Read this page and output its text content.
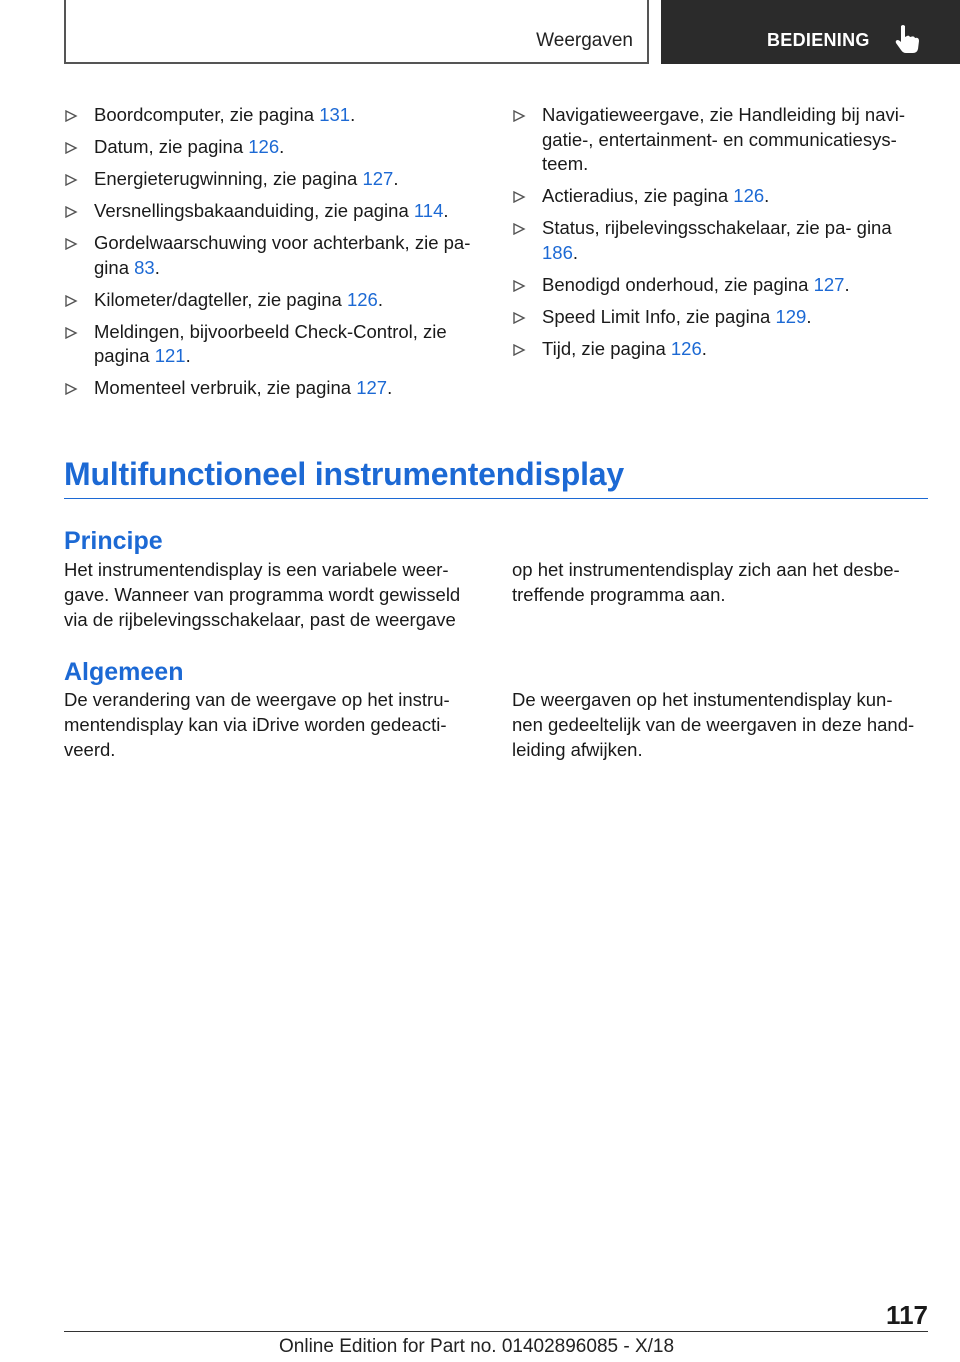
Weergaven	BEDIENING
Boordcomputer, zie pagina 131.
Datum, zie pagina 126.
Energieterugwinning, zie pagina 127.
Versnellingsbakaanduiding, zie pagina 114.
Gordelwaarschuwing voor achterbank, zie pa‐ gina 83.
Kilometer/dagteller, zie pagina 126.
Meldingen, bijvoorbeeld Check-Control, zie pagina 121.
Momenteel verbruik, zie pagina 127.
Navigatieweergave, zie Handleiding bij navi‐ gatie-, entertainment- en communicatiesys‐ teem.
Actieradius, zie pagina 126.
Status, rijbelevingsschakelaar, zie pa‐ gina 186.
Benodigd onderhoud, zie pagina 127.
Speed Limit Info, zie pagina 129.
Tijd, zie pagina 126.
Multifunctioneel instrumentendisplay
Principe

Het instrumentendisplay is een variabele weer‐ gave. Wanneer van programma wordt gewisseld via de rijbelevingsschakelaar, past de weergave

op het instrumentendisplay zich aan het desbe‐ treffende programma aan.

Algemeen

De verandering van de weergave op het instru‐ mentendisplay kan via iDrive worden gedeacti‐ veerd.

De weergaven op het instumentendisplay kun‐ nen gedeeltelijk van de weergaven in deze hand‐ leiding afwijken.

117
Online Edition for Part no. 01402896085 - X/18
